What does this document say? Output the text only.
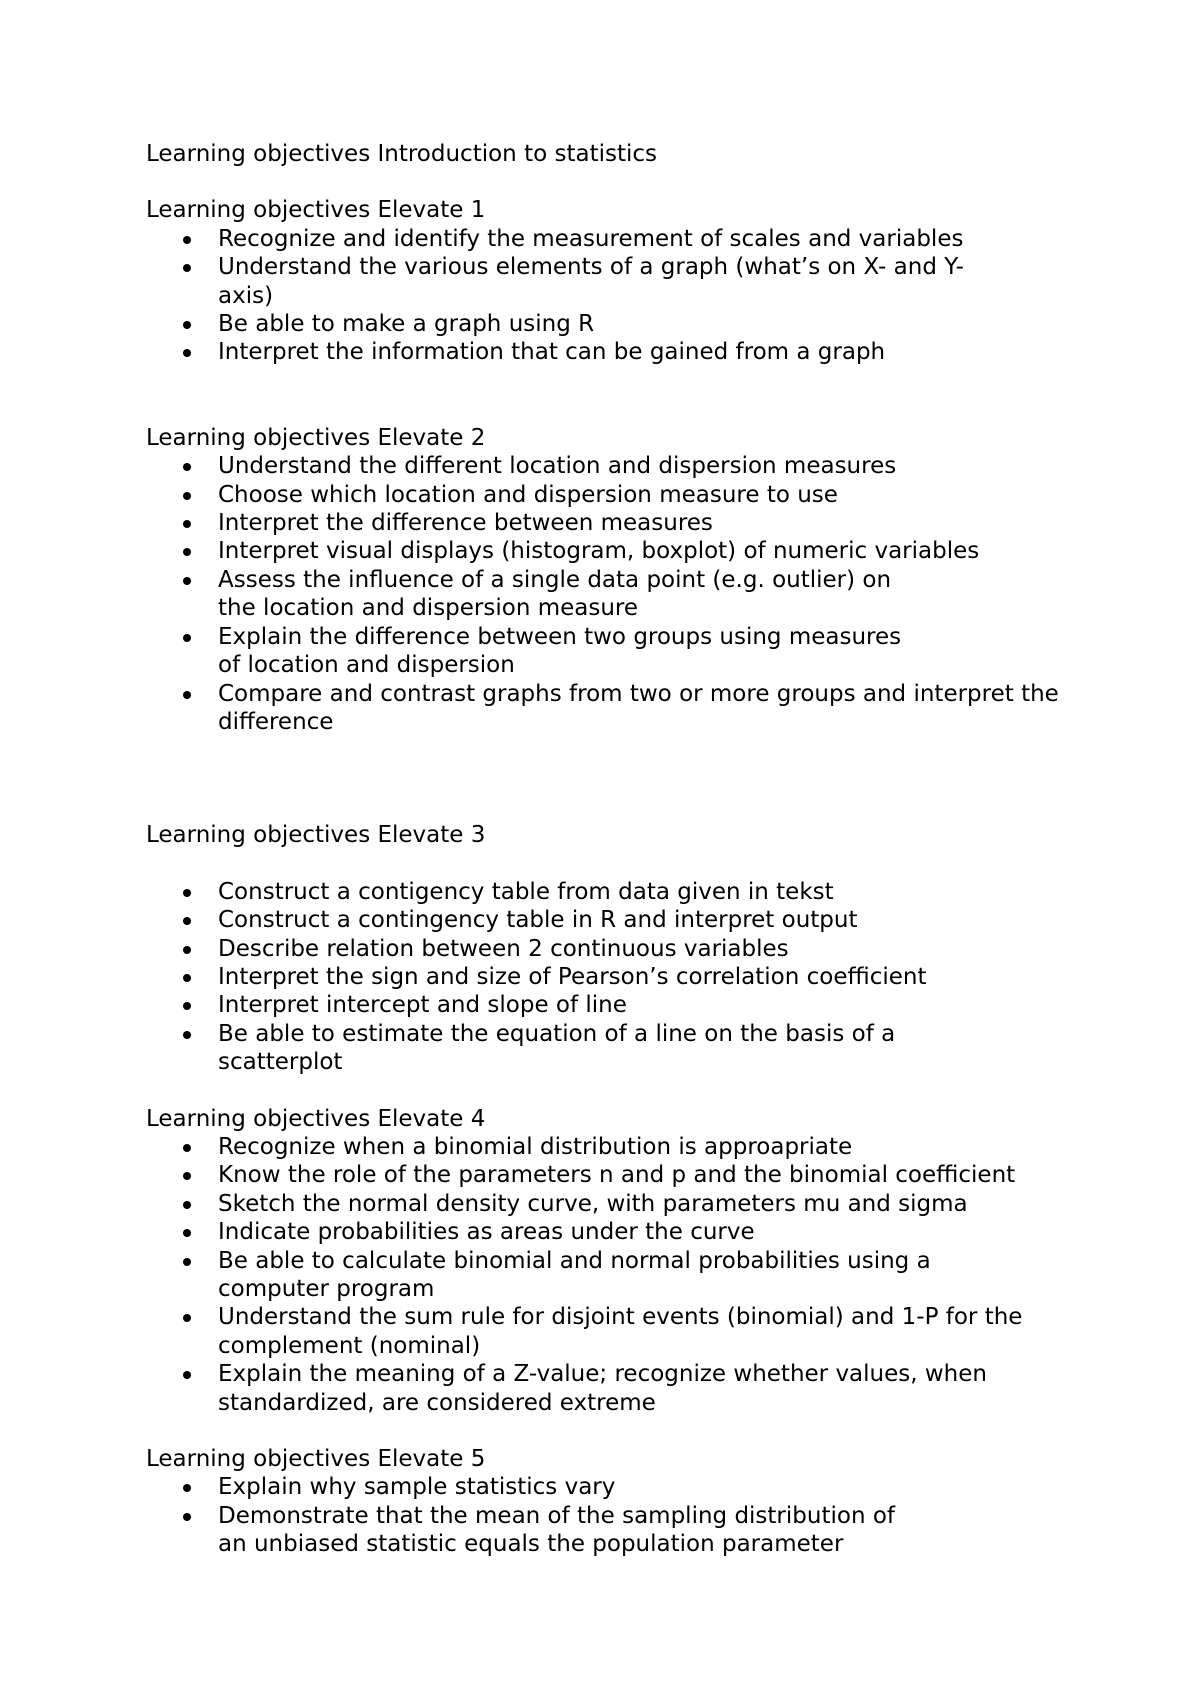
Learning objectives Introduction to statistics
Learning objectives Elevate 1
Recognize and identify the measurement of scales and variables
Understand the various elements of a graph (what’s on X- and Y-axis)
Be able to make a graph using R
Interpret the information that can be gained from a graph
Learning objectives Elevate 2
Understand the different location and dispersion measures
Choose which location and dispersion measure to use
Interpret the difference between measures
Interpret visual displays (histogram, boxplot) of numeric variables
Assess the influence of a single data point (e.g. outlier) on the location and dispersion measure
Explain the difference between two groups using measures of location and dispersion
Compare and contrast graphs from two or more groups and interpret the difference
Learning objectives Elevate 3
Construct a contigency table from data given in tekst
Construct a contingency table in R and interpret output
Describe relation between 2 continuous variables
Interpret the sign and size of Pearson’s correlation coefficient
Interpret intercept and slope of line
Be able to estimate the equation of a line on the basis of a scatterplot
Learning objectives Elevate 4
Recognize when a binomial distribution is approapriate
Know the role of the parameters n and p and the binomial coefficient
Sketch the normal density curve, with parameters mu and sigma
Indicate probabilities as areas under the curve
Be able to calculate binomial and normal probabilities using a computer program
Understand the sum rule for disjoint events (binomial) and 1-P for the complement (nominal)
Explain the meaning of a Z-value; recognize whether values, when standardized, are considered extreme
Learning objectives Elevate 5
Explain why sample statistics vary
Demonstrate that the mean of the sampling distribution of an unbiased statistic equals the population parameter
